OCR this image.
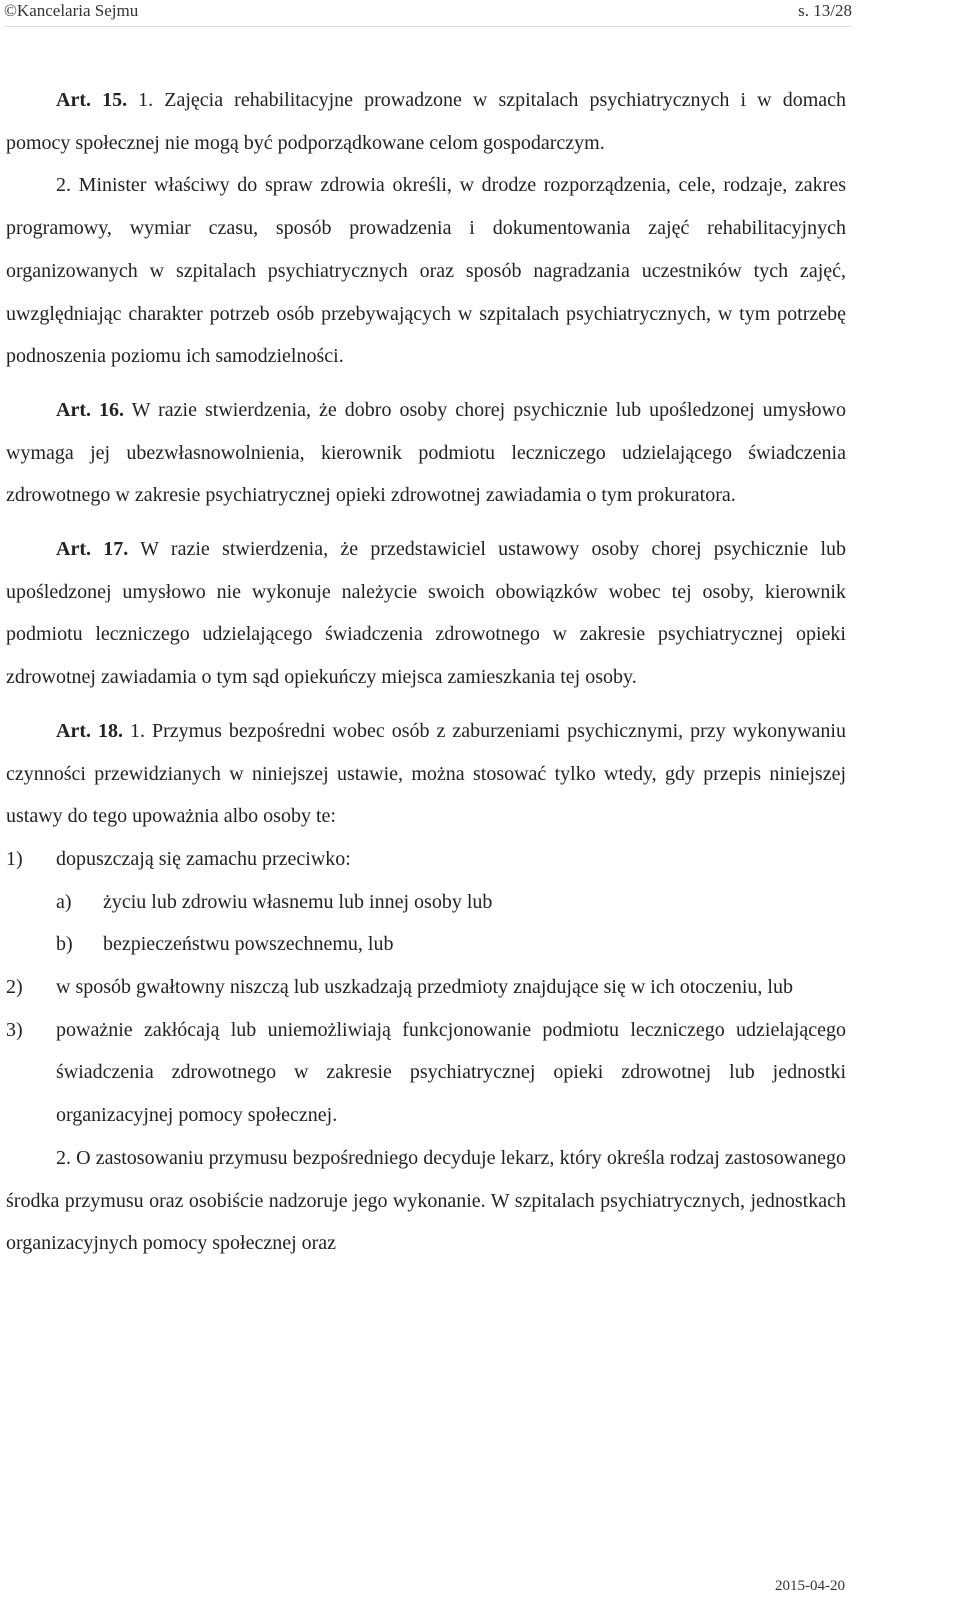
©Kancelaria Sejmu	s. 13/28

Art. 15. 1. Zajęcia rehabilitacyjne prowadzone w szpitalach psychiatrycznych i w domach pomocy społecznej nie mogą być podporządkowane celom gospodarczym.

2. Minister właściwy do spraw zdrowia określi, w drodze rozporządzenia, cele, rodzaje, zakres programowy, wymiar czasu, sposób prowadzenia i dokumentowania zajęć rehabilitacyjnych organizowanych w szpitalach psychiatrycznych oraz sposób nagradzania uczestników tych zajęć, uwzględniając charakter potrzeb osób przebywających w szpitalach psychiatrycznych, w tym potrzebę podnoszenia poziomu ich samodzielności.

Art. 16. W razie stwierdzenia, że dobro osoby chorej psychicznie lub upośledzonej umysłowo wymaga jej ubezwłasnowolnienia, kierownik podmiotu leczniczego udzielającego świadczenia zdrowotnego w zakresie psychiatrycznej opieki zdrowotnej zawiadamia o tym prokuratora.

Art. 17. W razie stwierdzenia, że przedstawiciel ustawowy osoby chorej psychicznie lub upośledzonej umysłowo nie wykonuje należycie swoich obowiązków wobec tej osoby, kierownik podmiotu leczniczego udzielającego świadczenia zdrowotnego w zakresie psychiatrycznej opieki zdrowotnej zawiadamia o tym sąd opiekuńczy miejsca zamieszkania tej osoby.

Art. 18. 1. Przymus bezpośredni wobec osób z zaburzeniami psychicznymi, przy wykonywaniu czynności przewidzianych w niniejszej ustawie, można stosować tylko wtedy, gdy przepis niniejszej ustawy do tego upoważnia albo osoby te:

1)	dopuszczają się zamachu przeciwko:
a)	życiu lub zdrowiu własnemu lub innej osoby lub
b)	bezpieczeństwu powszechnemu, lub
2)	w sposób gwałtowny niszczą lub uszkadzają przedmioty znajdujące się w ich otoczeniu, lub
3)	poważnie zakłócają lub uniemożliwiają funkcjonowanie podmiotu leczniczego udzielającego świadczenia zdrowotnego w zakresie psychiatrycznej opieki zdrowotnej lub jednostki organizacyjnej pomocy społecznej.

2. O zastosowaniu przymusu bezpośredniego decyduje lekarz, który określa rodzaj zastosowanego środka przymusu oraz osobiście nadzoruje jego wykonanie. W szpitalach psychiatrycznych, jednostkach organizacyjnych pomocy społecznej oraz

2015-04-20
